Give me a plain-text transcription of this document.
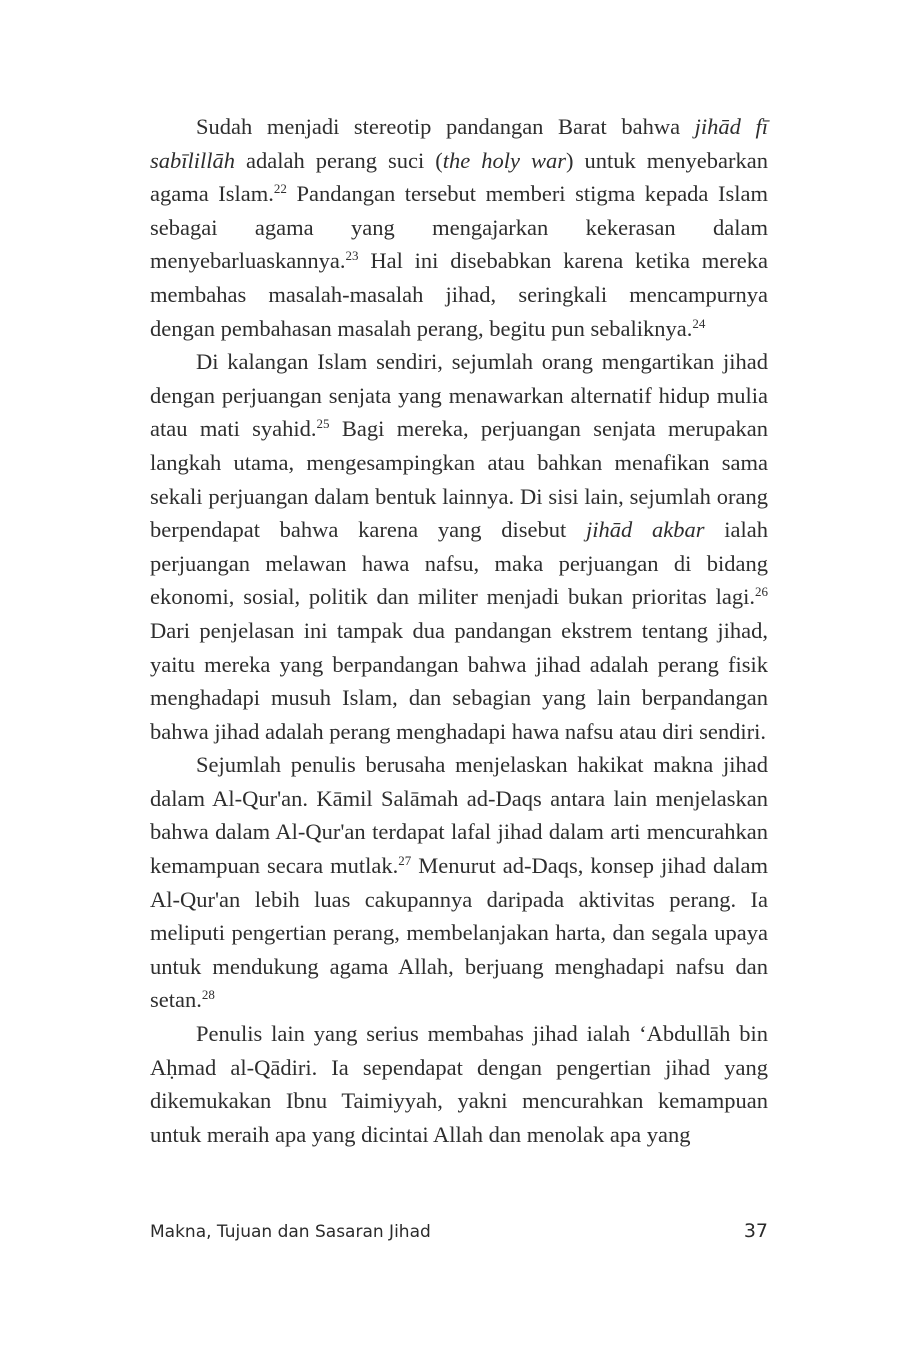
Sudah menjadi stereotip pandangan Barat bahwa jihād fī sabīlillāh adalah perang suci (the holy war) untuk menyebarkan agama Islam.$^{22}$ Pandangan tersebut memberi stigma kepada Islam sebagai agama yang mengajarkan kekerasan dalam menyebarluaskannya.$^{23}$ Hal ini disebabkan karena ketika mereka membahas masalah-masalah jihad, seringkali mencampurnya dengan pembahasan masalah perang, begitu pun sebaliknya.$^{24}$

Di kalangan Islam sendiri, sejumlah orang mengartikan jihad dengan perjuangan senjata yang menawarkan alternatif hidup mulia atau mati syahid.$^{25}$ Bagi mereka, perjuangan senjata merupakan langkah utama, mengesampingkan atau bahkan menafikan sama sekali perjuangan dalam bentuk lainnya. Di sisi lain, sejumlah orang berpendapat bahwa karena yang disebut jihād akbar ialah perjuangan melawan hawa nafsu, maka perjuangan di bidang ekonomi, sosial, politik dan militer menjadi bukan prioritas lagi.$^{26}$ Dari penjelasan ini tampak dua pandangan ekstrem tentang jihad, yaitu mereka yang berpandangan bahwa jihad adalah perang fisik menghadapi musuh Islam, dan sebagian yang lain berpandangan bahwa jihad adalah perang menghadapi hawa nafsu atau diri sendiri.

Sejumlah penulis berusaha menjelaskan hakikat makna jihad dalam Al-Qur'an. Kāmil Salāmah ad-Daqs antara lain menjelaskan bahwa dalam Al-Qur'an terdapat lafal jihad dalam arti mencurahkan kemampuan secara mutlak.$^{27}$ Menurut ad-Daqs, konsep jihad dalam Al-Qur'an lebih luas cakupannya daripada aktivitas perang. Ia meliputi pengertian perang, membelanjakan harta, dan segala upaya untuk mendukung agama Allah, berjuang menghadapi nafsu dan setan.$^{28}$

Penulis lain yang serius membahas jihad ialah ‘Abdullāh bin Aḥmad al-Qādiri. Ia sependapat dengan pengertian jihad yang dikemukakan Ibnu Taimiyyah, yakni mencurahkan kemampuan untuk meraih apa yang dicintai Allah dan menolak apa yang

Makna, Tujuan dan Sasaran Jihad	37
